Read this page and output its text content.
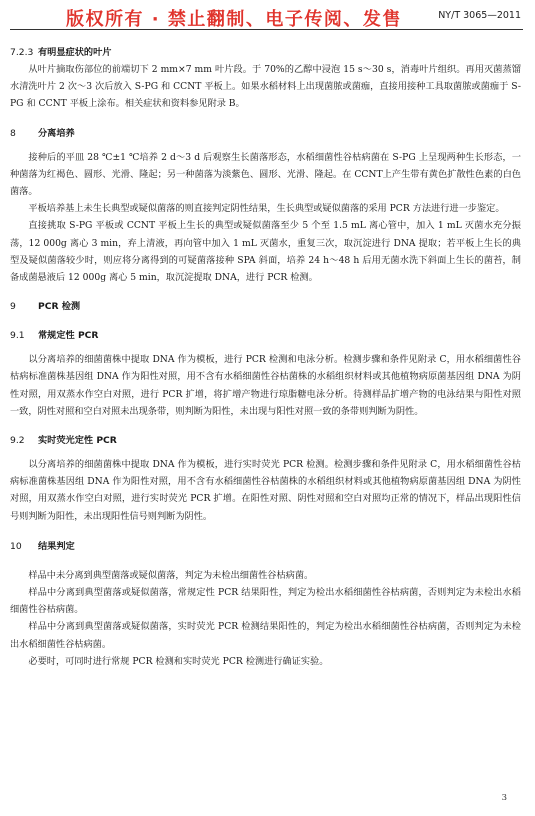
版权所有 · 禁止翻制、电子传阅、发售	NY/T 3065—2011
7.2.3 有明显症状的叶片

从叶片摘取伤部位的前端切下 2 mm×7 mm 叶片段。于 70%的乙醇中浸泡 15 s～30 s，消毒叶片组织。再用灭菌蒸馏水清洗叶片 2 次～3 次后放入 S-PG 和 CCNT 平板上。如果水稻材料上出现菌脓或菌痂，直接用接种工具取菌脓或菌痂于 S-PG 和 CCNT 平板上涂布。相关症状和资料参见附录 B。

8 分离培养

接种后的平皿 28 ℃±1 ℃培养 2 d～3 d 后观察生长菌落形态，水稻细菌性谷枯病菌在 S-PG 上呈现两种生长形态，一种菌落为红褐色、圆形、光滑、隆起；另一种菌落为淡紫色、圆形、光滑、隆起。在 CCNT上产生带有黄色扩散性色素的白色菌落。

平板培养基上未生长典型或疑似菌落的则直接判定阴性结果，生长典型或疑似菌落的采用 PCR 方法进行进一步鉴定。

直接挑取 S-PG 平板或 CCNT 平板上生长的典型或疑似菌落至少 5 个至 1.5 mL 离心管中，加入 1 mL 灭菌水充分振荡，12 000g 离心 3 min，弃上清液，再向管中加入 1 mL 灭菌水，重复三次，取沉淀进行 DNA 提取；若平板上生长的典型及疑似菌落较少时，则应将分离得到的可疑菌落接种 SPA 斜面，培养 24 h～48 h 后用无菌水洗下斜面上生长的菌苔，制备成菌悬液后 12 000g 离心 5 min，取沉淀提取 DNA，进行 PCR 检测。

9 PCR 检测
9.1 常规定性 PCR

以分离培养的细菌菌株中提取 DNA 作为模板，进行 PCR 检测和电泳分析。检测步骤和条件见附录 C，用水稻细菌性谷枯病标准菌株基因组 DNA 作为阳性对照，用不含有水稻细菌性谷枯菌株的水稻组织材料或其他植物病原菌基因组 DNA 为阴性对照，用双蒸水作空白对照，进行 PCR 扩增，将扩增产物进行琼脂糖电泳分析。待测样品扩增产物的电泳结果与阳性对照一致，阴性对照和空白对照未出现条带，则判断为阳性，未出现与阳性对照一致的条带则判断为阴性。

9.2 实时荧光定性 PCR

以分离培养的细菌菌株中提取 DNA 作为模板，进行实时荧光 PCR 检测。检测步骤和条件见附录 C，用水稻细菌性谷枯病标准菌株基因组 DNA 作为阳性对照，用不含有水稻细菌性谷枯菌株的水稻组织材料或其他植物病原菌基因组 DNA 为阴性对照，用双蒸水作空白对照，进行实时荧光 PCR 扩增。在阳性对照、阴性对照和空白对照均正常的情况下，样品出现阳性信号则判断为阳性，未出现阳性信号则判断为阴性。

10 结果判定

样品中未分离到典型菌落或疑似菌落，判定为未检出细菌性谷枯病菌。

样品中分离到典型菌落或疑似菌落，常规定性 PCR 结果阳性，判定为检出水稻细菌性谷枯病菌，否则判定为未检出水稻细菌性谷枯病菌。

样品中分离到典型菌落或疑似菌落，实时荧光 PCR 检测结果阳性的，判定为检出水稻细菌性谷枯病菌，否则判定为未检出水稻细菌性谷枯病菌。

必要时，可同时进行常规 PCR 检测和实时荧光 PCR 检测进行确证实验。

3
